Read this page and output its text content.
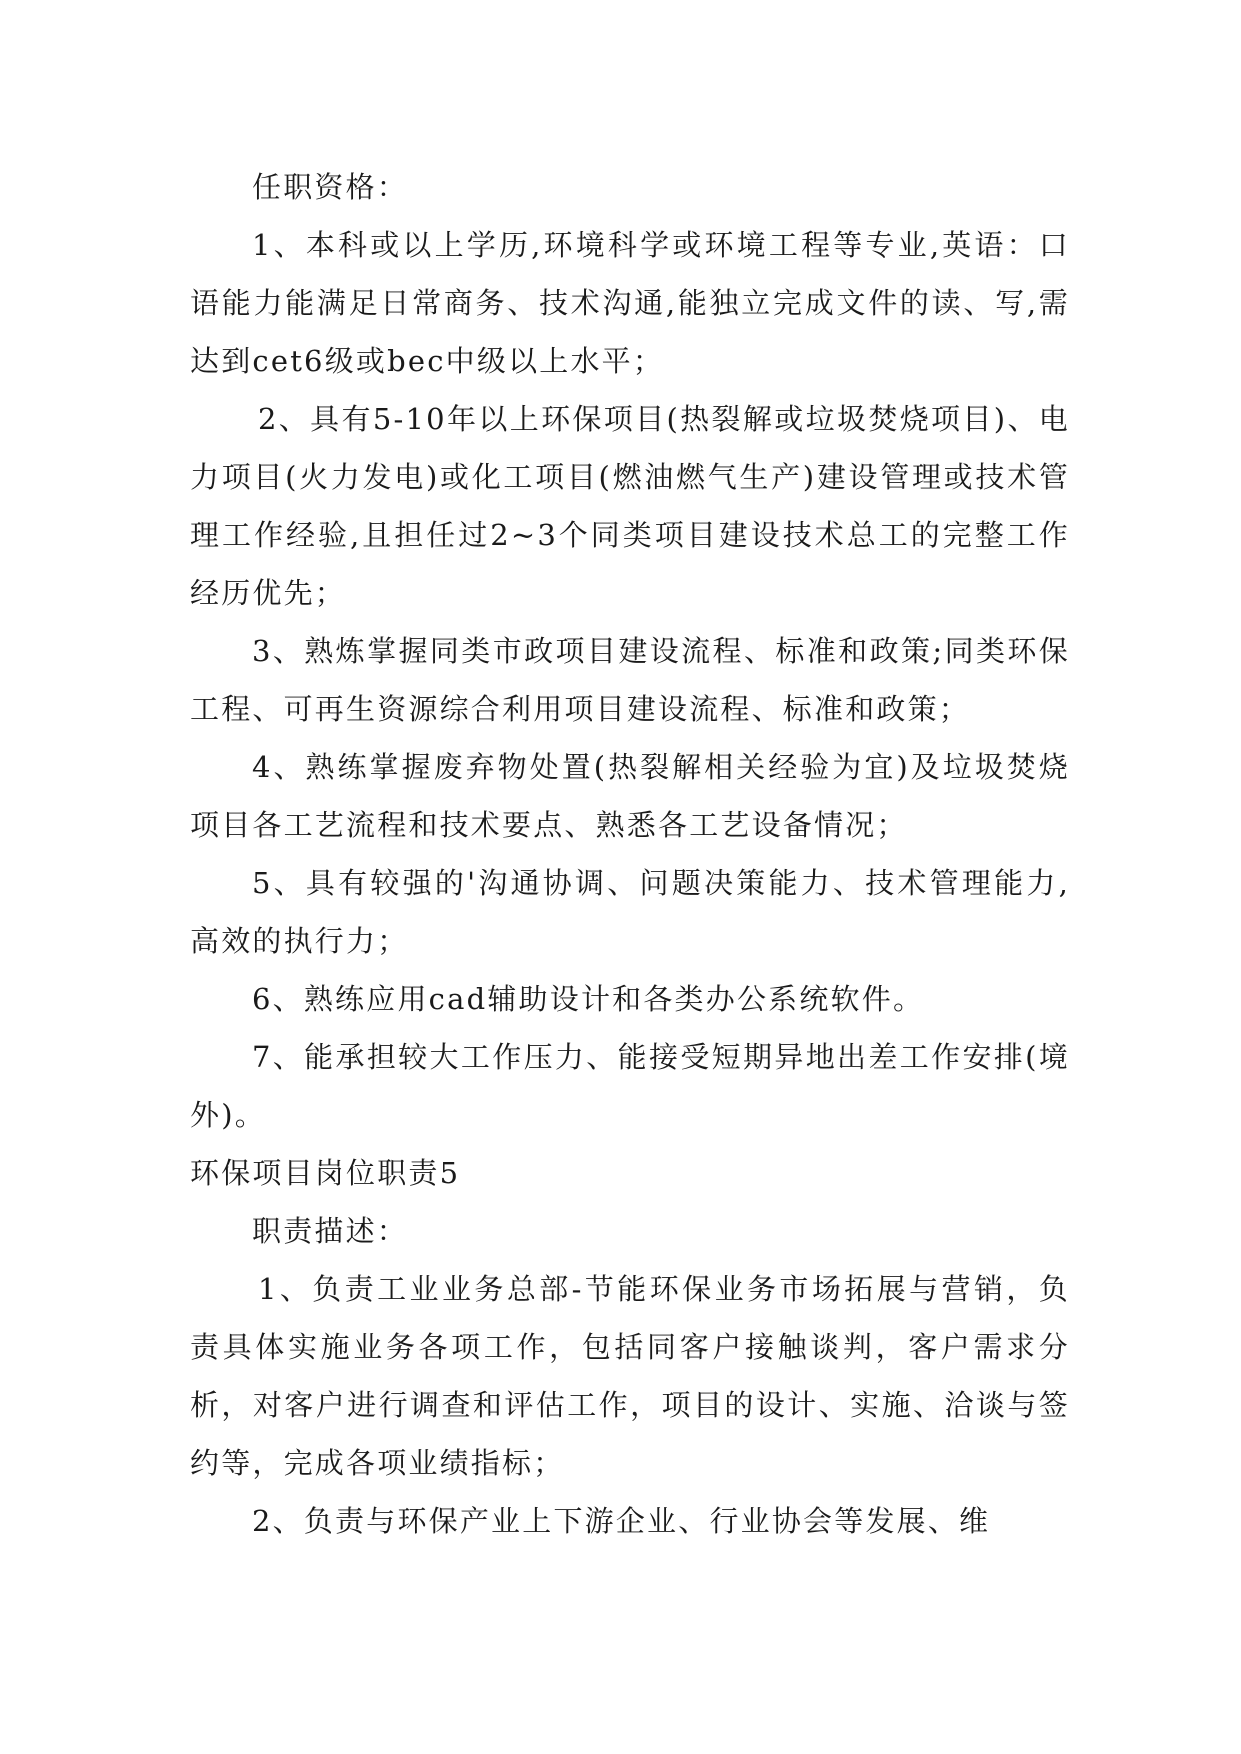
任职资格：

1、本科或以上学历,环境科学或环境工程等专业,英语：口语能力能满足日常商务、技术沟通,能独立完成文件的读、写,需达到cet6级或bec中级以上水平；

2、具有5-10年以上环保项目(热裂解或垃圾焚烧项目)、电力项目(火力发电)或化工项目(燃油燃气生产)建设管理或技术管理工作经验,且担任过2~3个同类项目建设技术总工的完整工作经历优先；

3、熟炼掌握同类市政项目建设流程、标准和政策;同类环保工程、可再生资源综合利用项目建设流程、标准和政策；

4、熟练掌握废弃物处置(热裂解相关经验为宜)及垃圾焚烧项目各工艺流程和技术要点、熟悉各工艺设备情况；

5、具有较强的'沟通协调、问题决策能力、技术管理能力,高效的执行力；

6、熟练应用cad辅助设计和各类办公系统软件。

7、能承担较大工作压力、能接受短期异地出差工作安排(境外)。

环保项目岗位职责5

职责描述：

1、负责工业业务总部-节能环保业务市场拓展与营销，负责具体实施业务各项工作，包括同客户接触谈判，客户需求分析，对客户进行调查和评估工作，项目的设计、实施、洽谈与签约等，完成各项业绩指标；

2、负责与环保产业上下游企业、行业协会等发展、维
